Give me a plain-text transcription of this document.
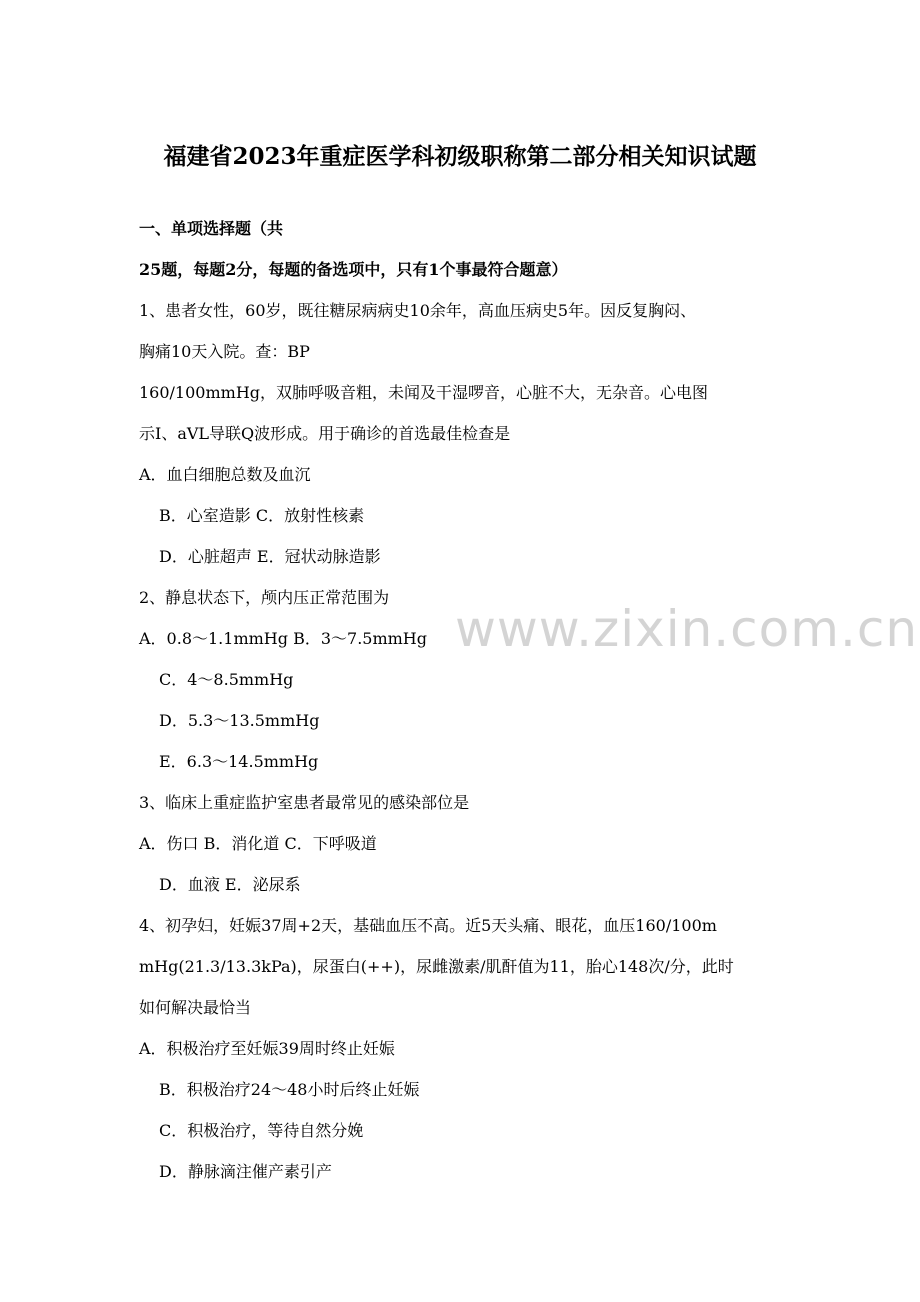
www.zixin.com.cn
福建省2023年重症医学科初级职称第二部分相关知识试题
一、单项选择题（共
25题，每题2分，每题的备选项中，只有1个事最符合题意）
1、患者女性，60岁，既往糖尿病病史10余年，高血压病史5年。因反复胸闷、
胸痛10天入院。查：BP
160/100mmHg，双肺呼吸音粗，未闻及干湿啰音，心脏不大，无杂音。心电图
示Ⅰ、aVL导联Q波形成。用于确诊的首选最佳检查是
A．血白细胞总数及血沉
B．心室造影 C．放射性核素
D．心脏超声 E．冠状动脉造影
2、静息状态下，颅内压正常范围为
A．0.8～1.1mmHg B．3～7.5mmHg
C．4～8.5mmHg
D．5.3～13.5mmHg
E．6.3～14.5mmHg
3、临床上重症监护室患者最常见的感染部位是
A．伤口 B．消化道 C．下呼吸道
D．血液 E．泌尿系
4、初孕妇，妊娠37周+2天，基础血压不高。近5天头痛、眼花，血压160/100m
mHg(21.3/13.3kPa)，尿蛋白(++)，尿雌激素/肌酐值为11，胎心148次/分，此时
如何解决最恰当
A．积极治疗至妊娠39周时终止妊娠
B．积极治疗24～48小时后终止妊娠
C．积极治疗，等待自然分娩
D．静脉滴注催产素引产
